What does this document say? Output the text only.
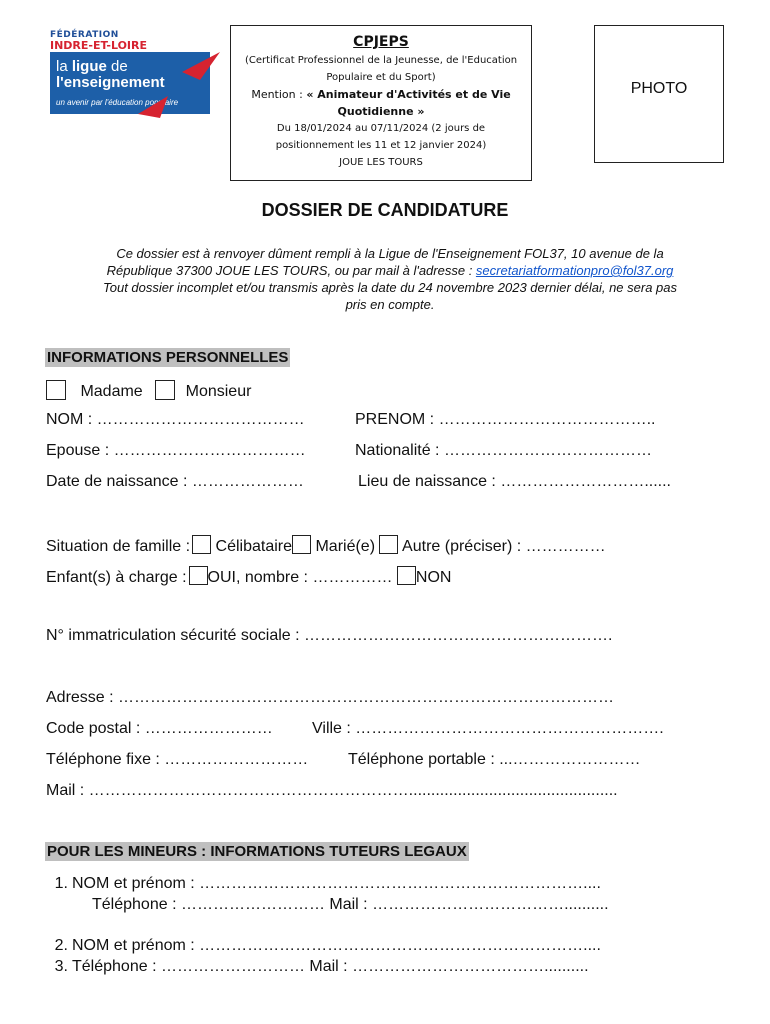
FÉDÉRATION
INDRE-ET-LOIRE
la ligue de
l'enseignement
un avenir par l'éducation populaire
CPJEPS
(Certificat Professionnel de la Jeunesse, de l'Education Populaire et du Sport)
Mention : « Animateur d'Activités et de Vie Quotidienne »
Du 18/01/2024 au 07/11/2024 (2 jours de positionnement les 11 et 12 janvier 2024)
JOUE LES TOURS
PHOTO
DOSSIER DE CANDIDATURE
Ce dossier est à renvoyer dûment rempli à la Ligue de l'Enseignement FOL37, 10 avenue de la
République 37300 JOUE LES TOURS, ou par mail à l'adresse : secretariatformationpro@fol37.org
Tout dossier incomplet et/ou transmis après la date du 24 novembre 2023 dernier délai, ne sera pas
pris en compte.
INFORMATIONS PERSONNELLES
Madame	Monsieur
NOM : …………………………………	PRENOM : …………………………………..
Epouse : ………………………………	Nationalité : …………………………………
Date de naissance : …………………	Lieu de naissance : ………………………......
Situation de famille : Célibataire Marié(e) Autre (préciser) : ……………
Enfant(s) à charge : OUI, nombre : …………… NON
N° immatriculation sécurité sociale : ………………………………………………….
Adresse : …………………………………………………………………………………
Code postal : …………………… Ville : ………………………………………………….
Téléphone fixe : ……………………… Téléphone portable : ...……………………
Mail : ……………………………………………………...............................................
POUR LES MINEURS : INFORMATIONS TUTEURS LEGAUX
1. NOM et prénom : ………………………………………………………………....
Téléphone : ……………………… Mail : ………………………………..........
2. NOM et prénom : ………………………………………………………………....
3. Téléphone : ……………………… Mail : ………………………………..........
